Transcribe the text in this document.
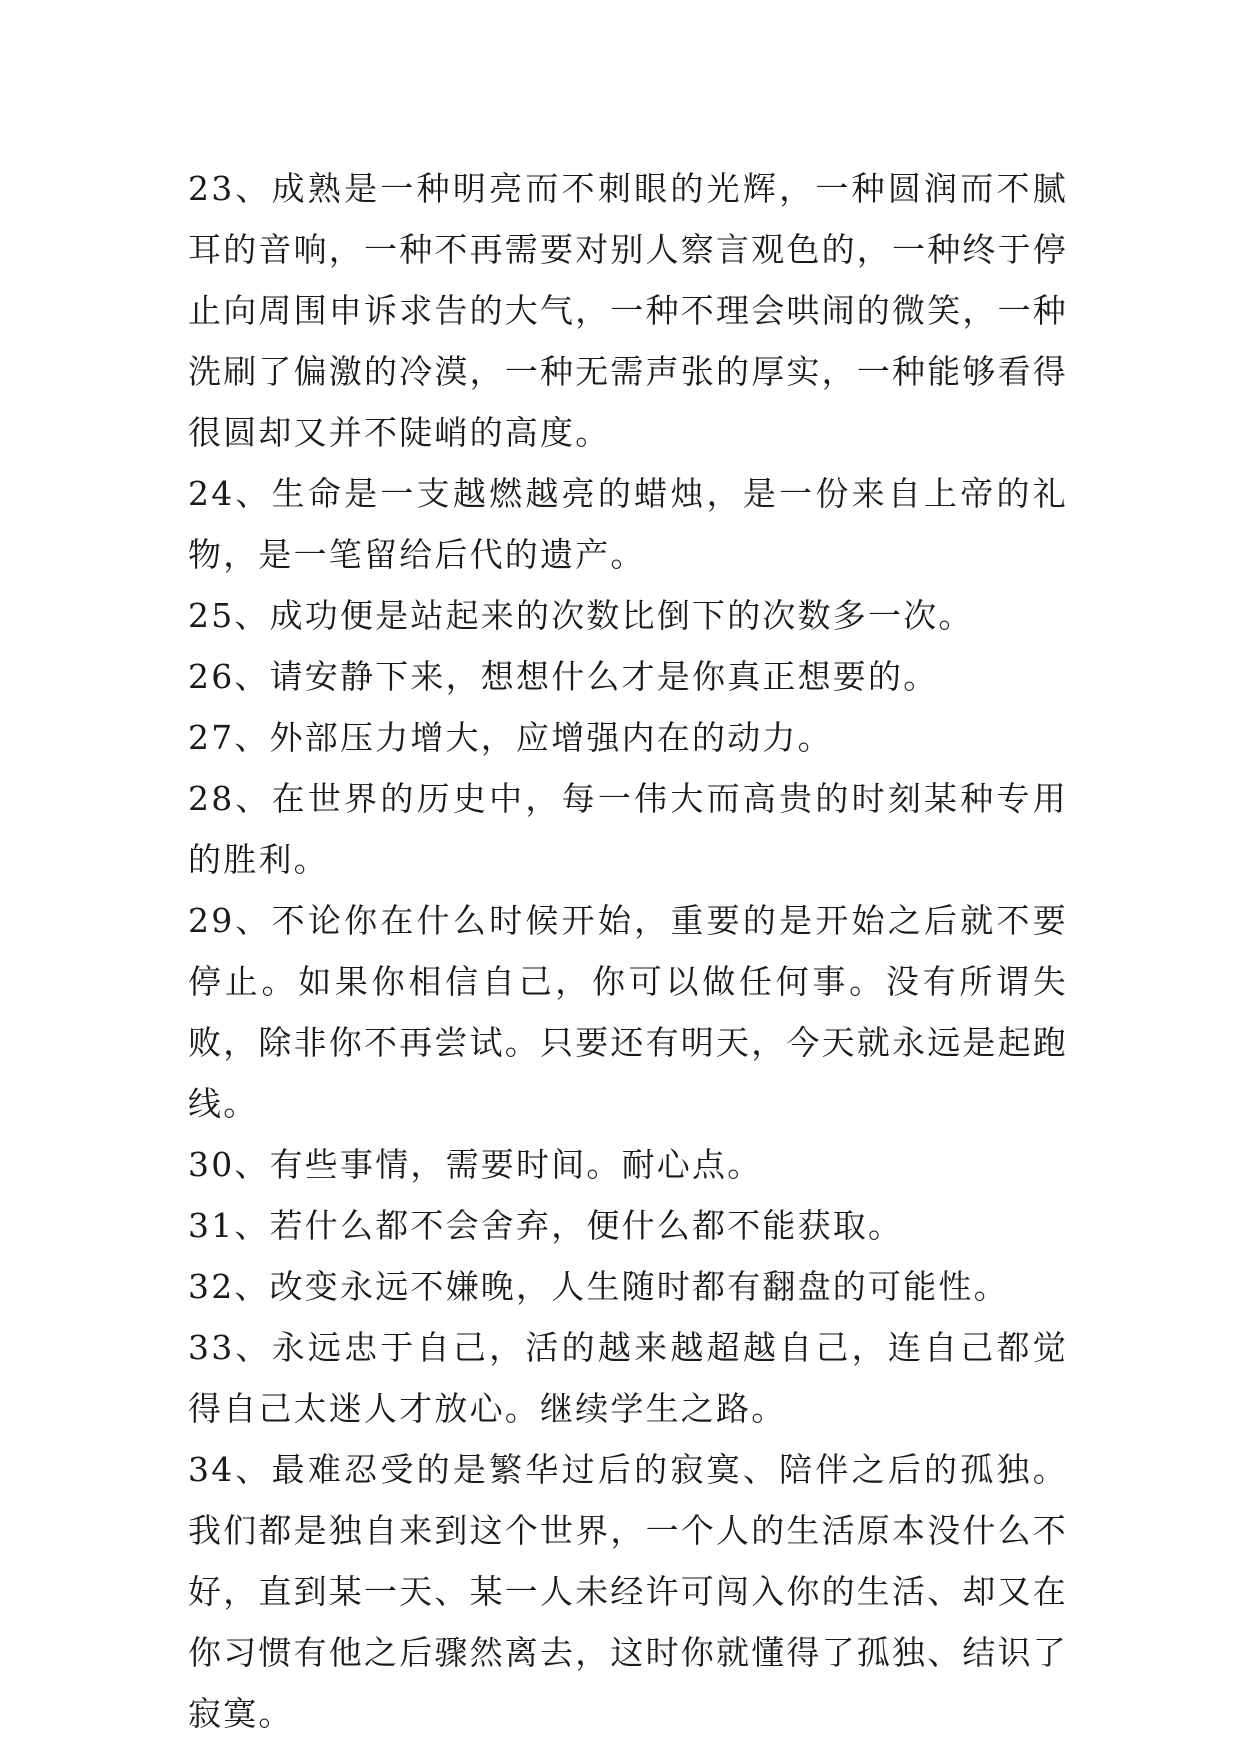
23、成熟是一种明亮而不刺眼的光辉，一种圆润而不腻耳的音响，一种不再需要对别人察言观色的，一种终于停止向周围申诉求告的大气，一种不理会哄闹的微笑，一种洗刷了偏激的冷漠，一种无需声张的厚实，一种能够看得很圆却又并不陡峭的高度。

24、生命是一支越燃越亮的蜡烛，是一份来自上帝的礼物，是一笔留给后代的遗产。

25、成功便是站起来的次数比倒下的次数多一次。

26、请安静下来，想想什么才是你真正想要的。

27、外部压力增大，应增强内在的动力。

28、在世界的历史中，每一伟大而高贵的时刻某种专用的胜利。

29、不论你在什么时候开始，重要的是开始之后就不要停止。如果你相信自己，你可以做任何事。没有所谓失败，除非你不再尝试。只要还有明天，今天就永远是起跑线。

30、有些事情，需要时间。耐心点。

31、若什么都不会舍弃，便什么都不能获取。

32、改变永远不嫌晚，人生随时都有翻盘的可能性。

33、永远忠于自己，活的越来越超越自己，连自己都觉得自己太迷人才放心。继续学生之路。

34、最难忍受的是繁华过后的寂寞、陪伴之后的孤独。我们都是独自来到这个世界，一个人的生活原本没什么不好，直到某一天、某一人未经许可闯入你的生活、却又在你习惯有他之后骤然离去，这时你就懂得了孤独、结识了寂寞。
